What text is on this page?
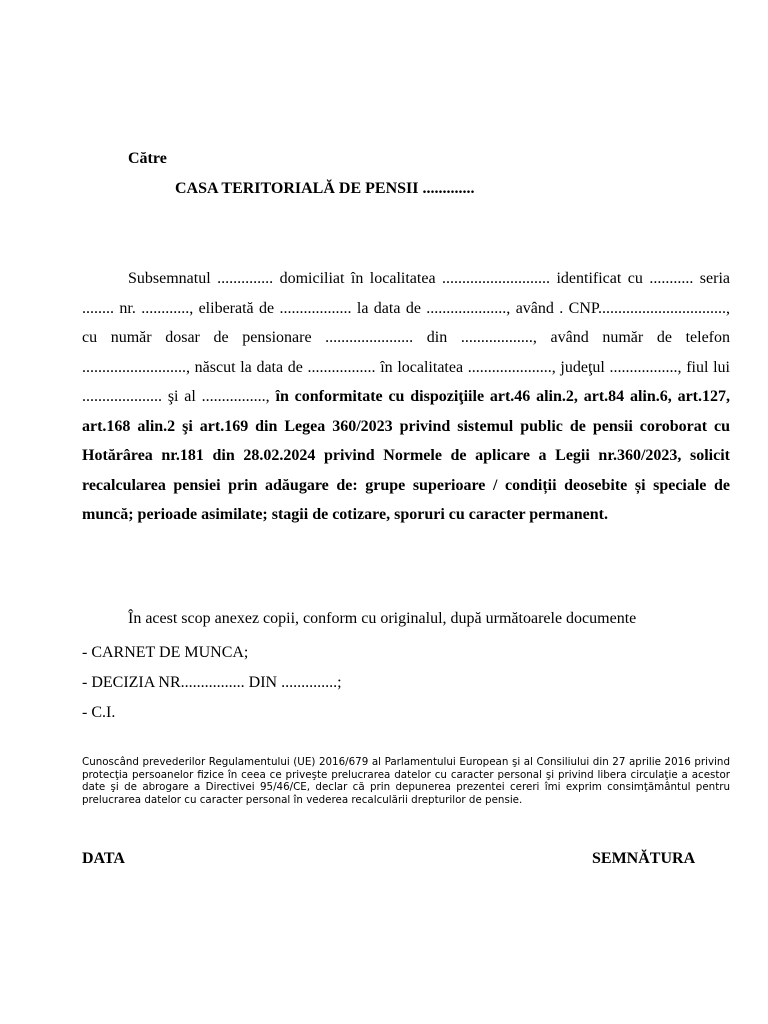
Către
CASA TERITORIALĂ DE PENSII .............
Subsemnatul .............. domiciliat în localitatea ........................... identificat cu ........... seria ........ nr. ............, eliberată de .................. la data de ...................., având . CNP................................, cu număr dosar de pensionare ...................... din .................., având număr de telefon .........................., născut la data de ................. în localitatea ....................., judeţul ................., fiul lui .................... şi al ................, în conformitate cu dispoziţiile art.46 alin.2, art.84 alin.6, art.127, art.168 alin.2 şi art.169 din Legea 360/2023 privind sistemul public de pensii coroborat cu Hotărârea nr.181 din 28.02.2024 privind Normele de aplicare a Legii nr.360/2023, solicit recalcularea pensiei prin adăugare de: grupe superioare / condiții deosebite și speciale de muncă; perioade asimilate; stagii de cotizare, sporuri cu caracter permanent.
În acest scop anexez copii, conform cu originalul, după următoarele documente
- CARNET DE MUNCA;
- DECIZIA NR................ DIN ..............;
- C.I.
Cunoscând prevederilor Regulamentului (UE) 2016/679 al Parlamentului European şi al Consiliului din 27 aprilie 2016 privind protecţia persoanelor fizice în ceea ce priveşte prelucrarea datelor cu caracter personal şi privind libera circulaţie a acestor date şi de abrogare a Directivei 95/46/CE, declar că prin depunerea prezentei cereri îmi exprim consimţământul pentru prelucrarea datelor cu caracter personal în vederea recalculării drepturilor de pensie.
DATA	SEMNĂTURA
